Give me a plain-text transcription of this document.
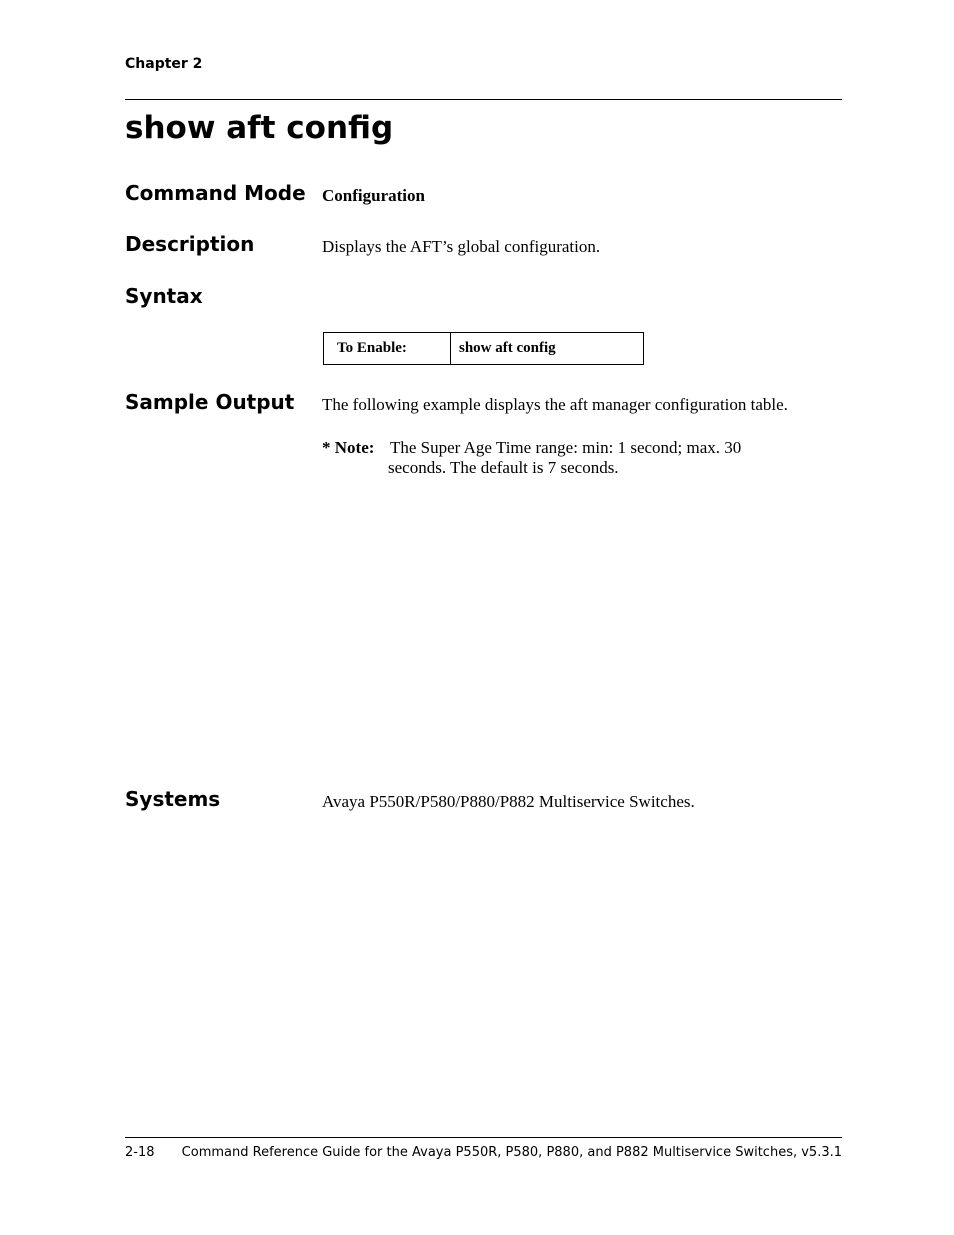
Chapter 2
show aft config
Command Mode Configuration
Description	Displays the AFT’s global configuration.
Syntax
To Enable:	show aft config
Sample Output The following example displays the aft manager configuration table.
* Note: The Super Age Time range: min: 1 second; max. 30
seconds. The default is 7 seconds.
Systems	Avaya P550R/P580/P880/P882 Multiservice Switches.
2-18 Command Reference Guide for the Avaya P550R, P580, P880, and P882 Multiservice Switches, v5.3.1
